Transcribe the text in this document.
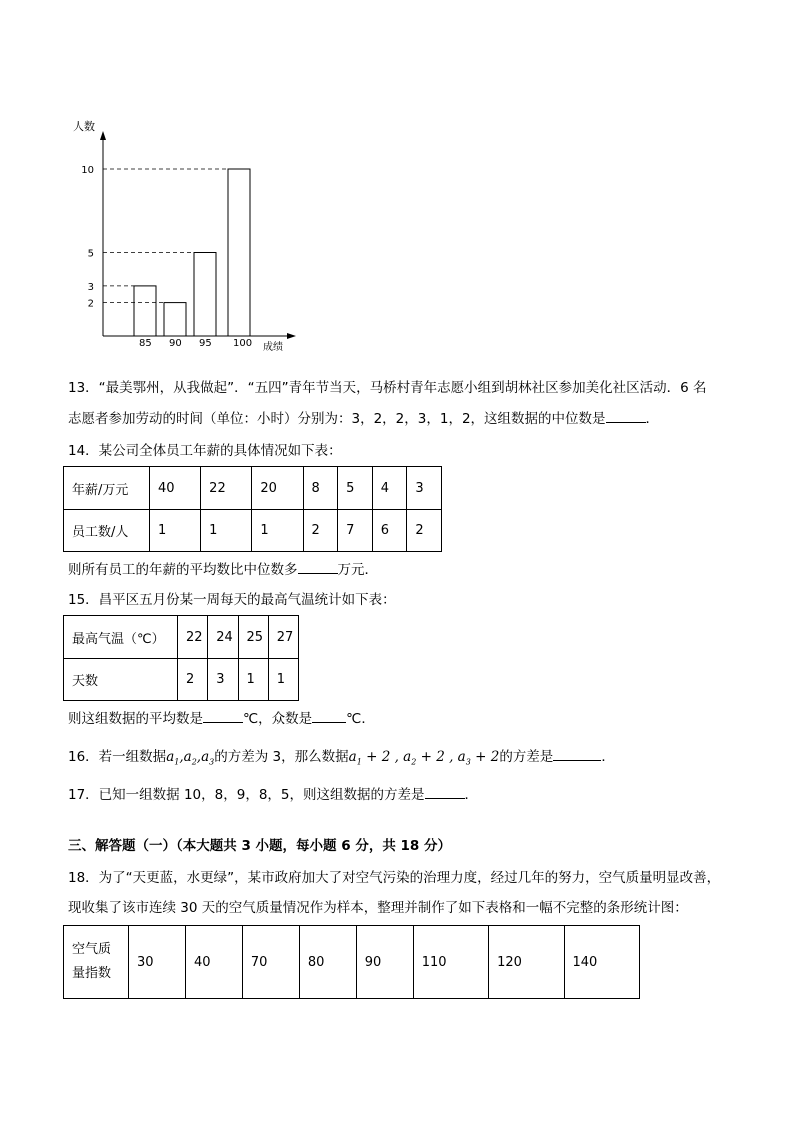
人数
成绩
85 90 95 100
2
3
5
10
13．“最美鄂州，从我做起”．“五四”青年节当天，马桥村青年志愿小组到胡林社区参加美化社区活动．6 名
志愿者参加劳动的时间（单位：小时）分别为：3，2，2，3，1，2，这组数据的中位数是	．
14．某公司全体员工年薪的具体情况如下表：
年薪/万元	40	22	20	8	5	4	3
员工数/人	1	1	1	2	7	6	2
则所有员工的年薪的平均数比中位数多	万元．
15．昌平区五月份某一周每天的最高气温统计如下表：
最高气温（℃）	22	24	25	27
天数	2	3	1	1
则这组数据的平均数是	℃，众数是	℃．
16．若一组数据$a_1,a_2,a_3$的方差为 3，那么数据$a_1 + 2$ , $a_2 + 2$ , $a_3 + 2$的方差是	．
17．已知一组数据 10，8，9，8，5，则这组数据的方差是	．
三、解答题（一）（本大题共 3 小题，每小题 6 分，共 18 分）
18．为了“天更蓝，水更绿”，某市政府加大了对空气污染的治理力度，经过几年的努力，空气质量明显改善，
现收集了该市连续 30 天的空气质量情况作为样本，整理并制作了如下表格和一幅不完整的条形统计图：
空气质
量指数
	30	40	70	80	90	110	120	140
